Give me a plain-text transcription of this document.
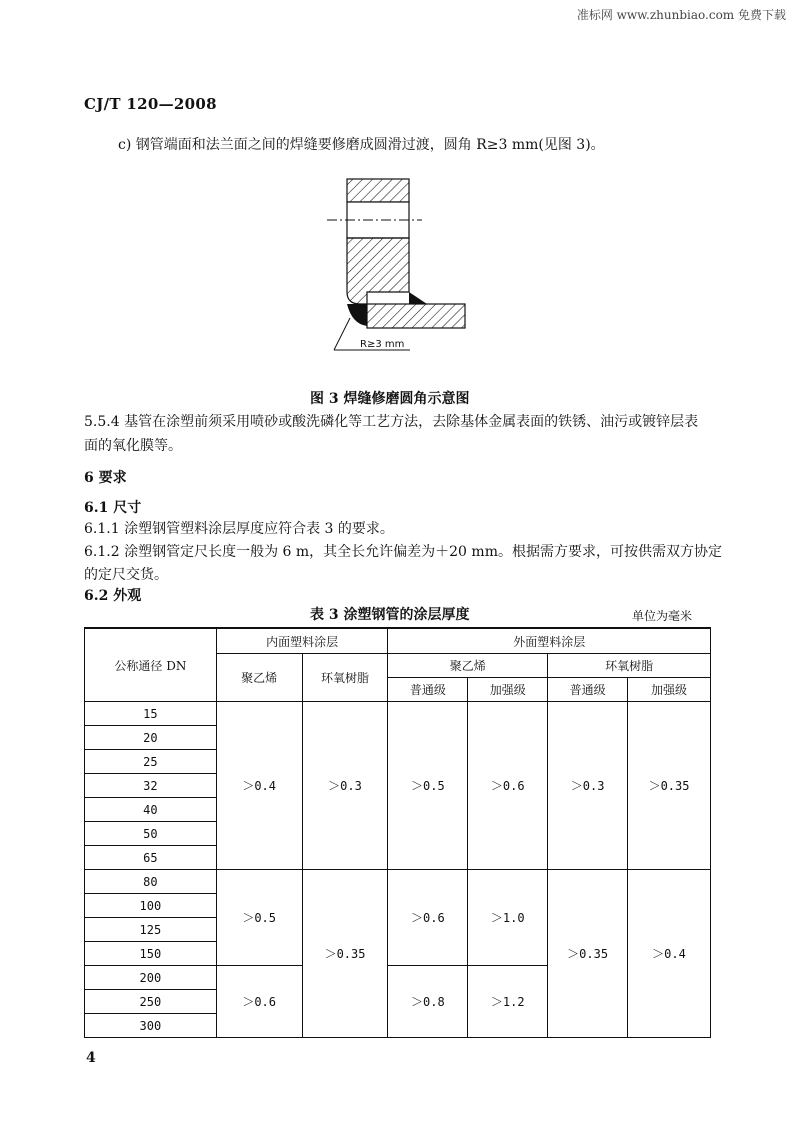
准标网 www.zhunbiao.com 免费下载
CJ/T 120—2008
c) 钢管端面和法兰面之间的焊缝要修磨成圆滑过渡，圆角 R≥3 mm(见图 3)。
R≥3 mm
图 3 焊缝修磨圆角示意图
5.5.4 基管在涂塑前须采用喷砂或酸洗磷化等工艺方法，去除基体金属表面的铁锈、油污或镀锌层表
面的氧化膜等。
6 要求
6.1 尺寸
6.1.1 涂塑钢管塑料涂层厚度应符合表 3 的要求。
6.1.2 涂塑钢管定尺长度一般为 6 m，其全长允许偏差为＋20 mm。根据需方要求，可按供需双方协定
的定尺交货。
6.2 外观
表 3 涂塑钢管的涂层厚度	单位为毫米
公称通径 DN	内面塑料涂层		外面塑料涂层			
	聚乙烯	环氧树脂	聚乙烯		环氧树脂	
			普通级	加强级	普通级	加强级
15	＞0.4	＞0.3	＞0.5	＞0.6	＞0.3	＞0.35
20						
25						
32						
40						
50						
65						
80	＞0.5	＞0.35	＞0.6	＞1.0	＞0.35	＞0.4
100						
125						
150						
200	＞0.6		＞0.8	＞1.2		
250						
300						
4
